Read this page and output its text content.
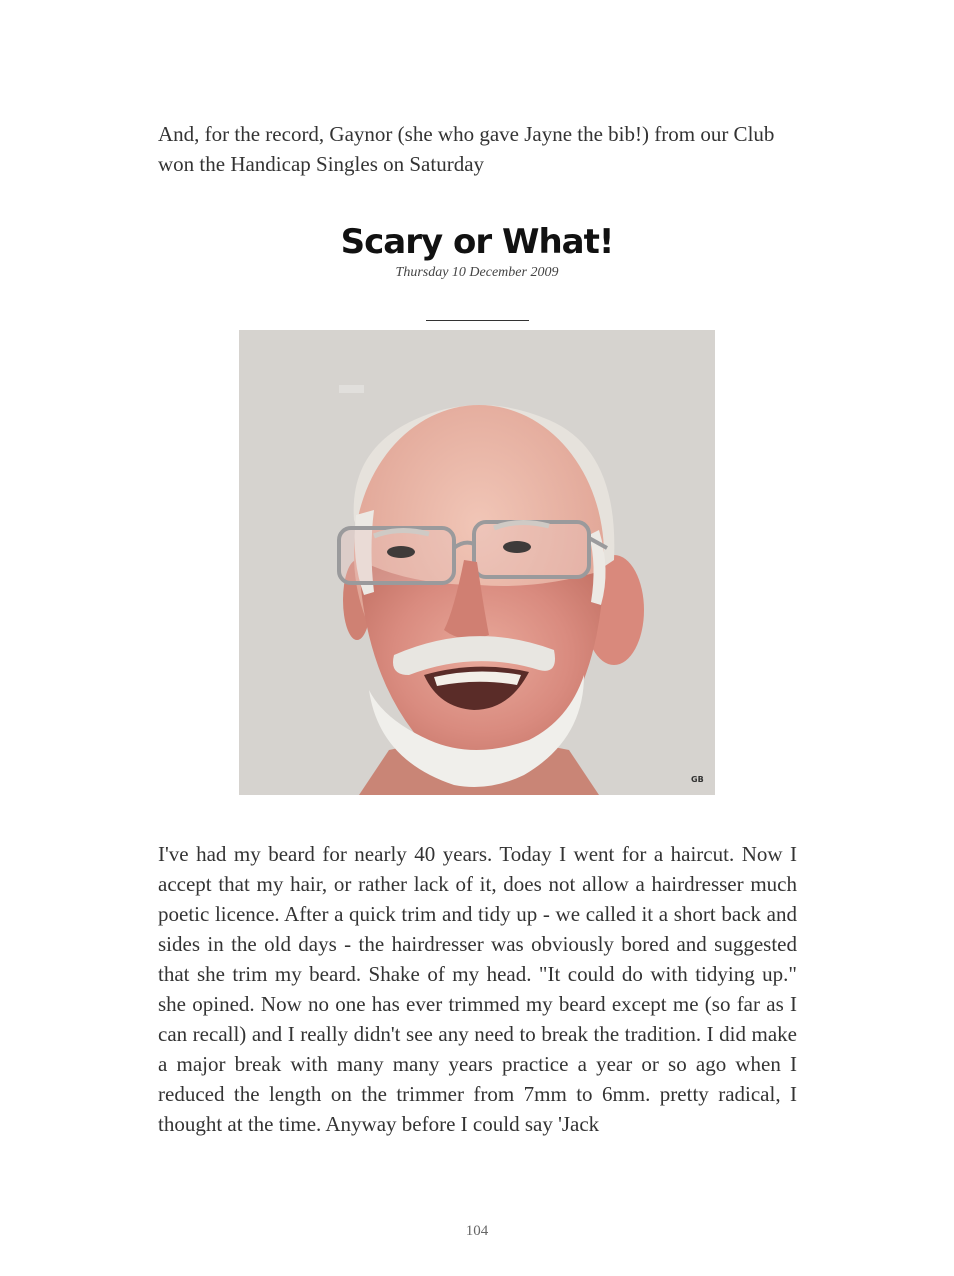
And, for the record, Gaynor (she who gave Jayne the bib!) from our Club won the Handicap Singles on Saturday

Scary or What!

Thursday 10 December 2009

GB

I've had my beard for nearly 40 years. Today I went for a haircut. Now I accept that my hair, or rather lack of it, does not allow a hairdresser much poetic licence. After a quick trim and tidy up - we called it a short back and sides in the old days - the hairdresser was obviously bored and suggested that she trim my beard. Shake of my head. "It could do with tidying up." she opined. Now no one has ever trimmed my beard except me (so far as I can recall) and I really didn't see any need to break the tradition. I did make a major break with many many years practice a year or so ago when I reduced the length on the trimmer from 7mm to 6mm. pretty radical, I thought at the time. Anyway before I could say 'Jack

104
